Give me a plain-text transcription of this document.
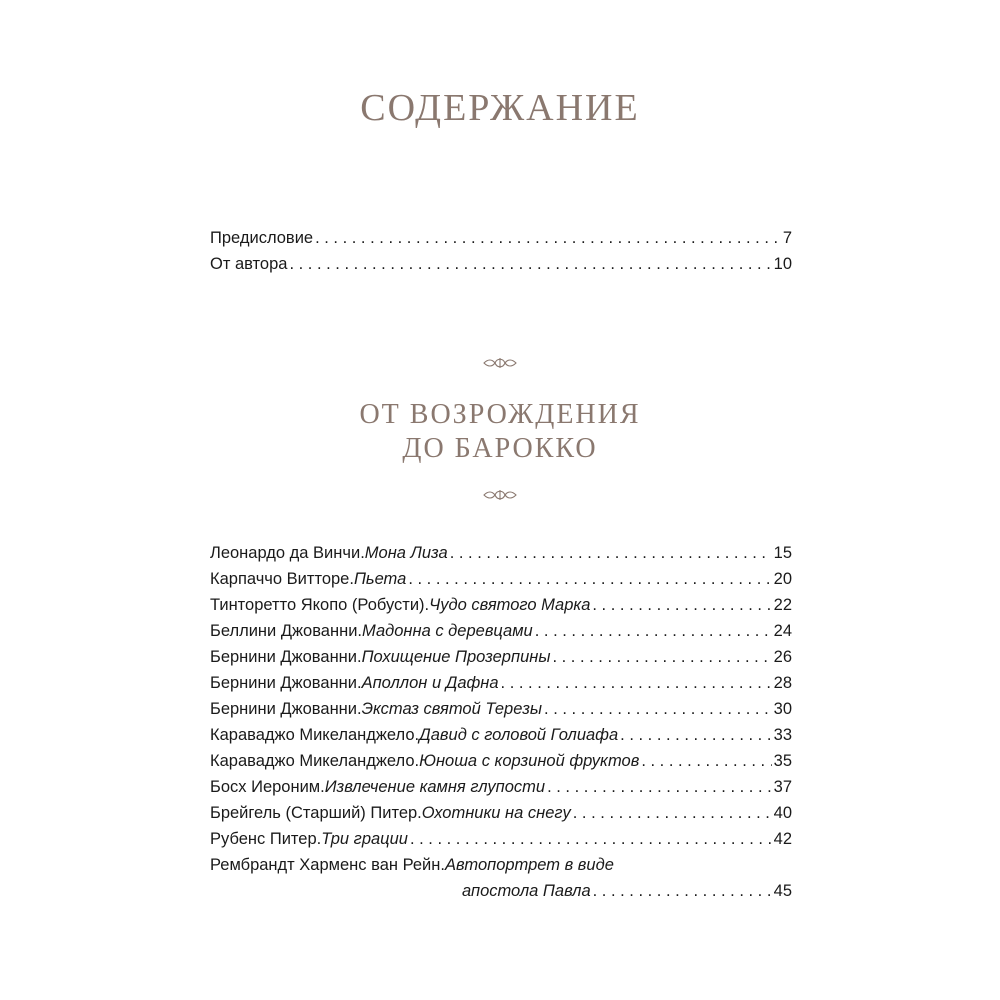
СОДЕРЖАНИЕ
Предисловие . . .	7
От автора . . .	10
ОТ ВОЗРОЖДЕНИЯ
ДО БАРОККО
Леонардо да Винчи. Мона Лиза . . .	15
Карпаччо Витторе. Пьета . . .	20
Тинторетто Якопо (Робусти). Чудо святого Марка . . .	22
Беллини Джованни. Мадонна с деревцами . . .	24
Бернини Джованни. Похищение Прозерпины . . .	26
Бернини Джованни. Аполлон и Дафна . . .	28
Бернини Джованни. Экстаз святой Терезы . . .	30
Караваджо Микеланджело. Давид с головой Голиафа . . .	33
Караваджо Микеланджело. Юноша с корзиной фруктов . . .	35
Босх Иероним. Извлечение камня глупости . . .	37
Брейгель (Старший) Питер. Охотники на снегу . . .	40
Рубенс Питер. Три грации . . .	42
Рембрандт Харменс ван Рейн. Автопортрет в виде
апостола Павла . . .	45
